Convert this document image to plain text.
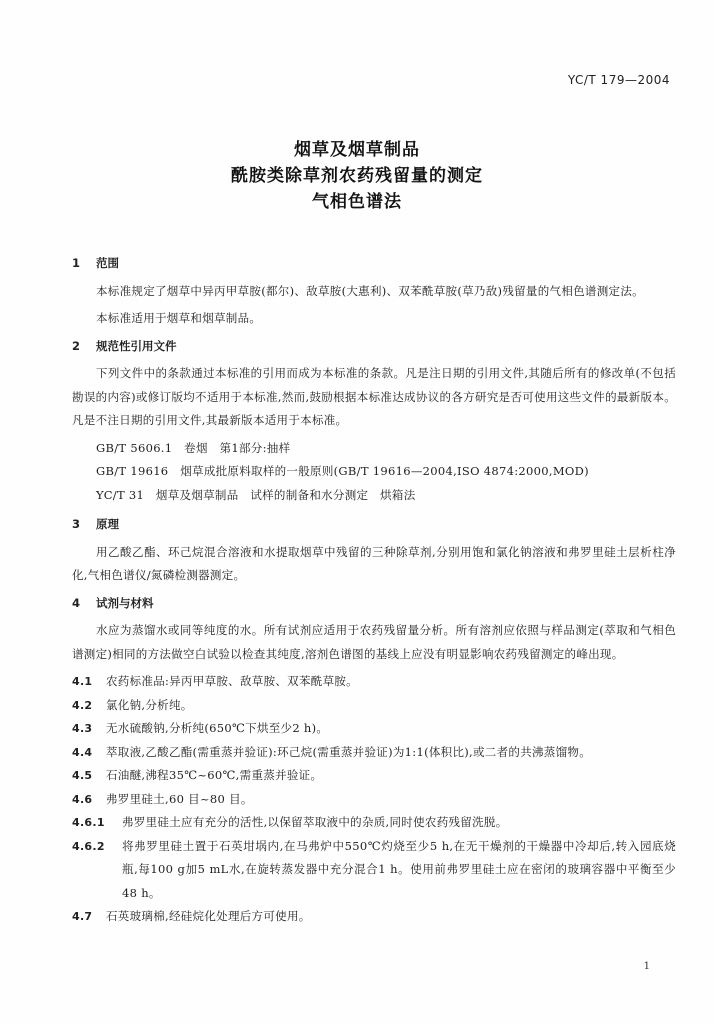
YC/T 179—2004
烟草及烟草制品
酰胺类除草剂农药残留量的测定
气相色谱法
1 范围

本标准规定了烟草中异丙甲草胺(都尔)、敌草胺(大惠利)、双苯酰草胺(草乃敌)残留量的气相色谱测定法。

本标准适用于烟草和烟草制品。

2 规范性引用文件

下列文件中的条款通过本标准的引用而成为本标准的条款。凡是注日期的引用文件,其随后所有的修改单(不包括勘误的内容)或修订版均不适用于本标准,然而,鼓励根据本标准达成协议的各方研究是否可使用这些文件的最新版本。凡是不注日期的引用文件,其最新版本适用于本标准。

GB/T 5606.1　卷烟　第1部分:抽样

GB/T 19616　烟草成批原料取样的一般原则(GB/T 19616—2004,ISO 4874:2000,MOD)

YC/T 31　烟草及烟草制品　试样的制备和水分测定　烘箱法

3 原理

用乙酸乙酯、环己烷混合溶液和水提取烟草中残留的三种除草剂,分别用饱和氯化钠溶液和弗罗里硅土层析柱净化,气相色谱仪/氮磷检测器测定。

4 试剂与材料

水应为蒸馏水或同等纯度的水。所有试剂应适用于农药残留量分析。所有溶剂应依照与样品测定(萃取和气相色谱测定)相同的方法做空白试验以检查其纯度,溶剂色谱图的基线上应没有明显影响农药残留测定的峰出现。

4.1	农药标准品:异丙甲草胺、敌草胺、双苯酰草胺。
4.2	氯化钠,分析纯。
4.3	无水硫酸钠,分析纯(650℃下烘至少2 h)。
4.4	萃取液,乙酸乙酯(需重蒸并验证):环己烷(需重蒸并验证)为1:1(体积比),或二者的共沸蒸馏物。
4.5	石油醚,沸程35℃~60℃,需重蒸并验证。
4.6	弗罗里硅土,60 目~80 目。
4.6.1	弗罗里硅土应有充分的活性,以保留萃取液中的杂质,同时使农药残留洗脱。
4.6.2	将弗罗里硅土置于石英坩埚内,在马弗炉中550℃灼烧至少5 h,在无干燥剂的干燥器中冷却后,转入园底烧瓶,每100 g加5 mL水,在旋转蒸发器中充分混合1 h。使用前弗罗里硅土应在密闭的玻璃容器中平衡至少48 h。
4.7	石英玻璃棉,经硅烷化处理后方可使用。
1
